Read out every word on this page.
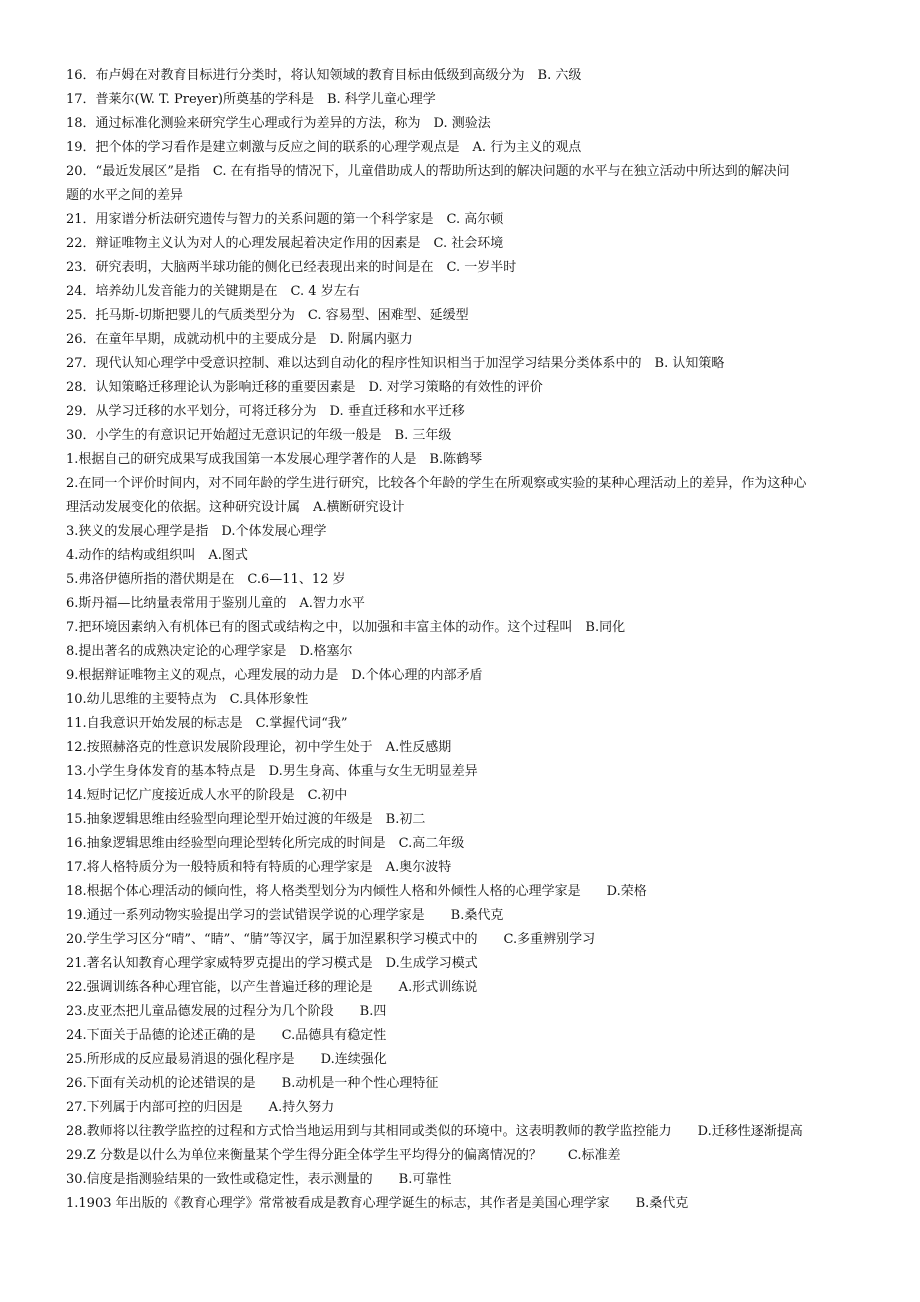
16．布卢姆在对教育目标进行分类时，将认知领域的教育目标由低级到高级分为　B. 六级
17．普莱尔(W. T. Preyer)所奠基的学科是　B. 科学儿童心理学
18．通过标准化测验来研究学生心理或行为差异的方法，称为　D. 测验法
19．把个体的学习看作是建立刺激与反应之间的联系的心理学观点是　A. 行为主义的观点
20．“最近发展区”是指　C. 在有指导的情况下，儿童借助成人的帮助所达到的解决问题的水平与在独立活动中所达到的解决问
题的水平之间的差异
21．用家谱分析法研究遗传与智力的关系问题的第一个科学家是　C. 高尔顿
22．辩证唯物主义认为对人的心理发展起着决定作用的因素是　C. 社会环境
23．研究表明，大脑两半球功能的侧化已经表现出来的时间是在　C. 一岁半时
24．培养幼儿发音能力的关键期是在　C. 4 岁左右
25．托马斯-切斯把婴儿的气质类型分为　C. 容易型、困难型、延缓型
26．在童年早期，成就动机中的主要成分是　D. 附属内驱力
27．现代认知心理学中受意识控制、难以达到自动化的程序性知识相当于加涅学习结果分类体系中的　B. 认知策略
28．认知策略迁移理论认为影响迁移的重要因素是　D. 对学习策略的有效性的评价
29．从学习迁移的水平划分，可将迁移分为　D. 垂直迁移和水平迁移
30．小学生的有意识记开始超过无意识记的年级一般是　B. 三年级
1.根据自己的研究成果写成我国第一本发展心理学著作的人是　B.陈鹤琴
2.在同一个评价时间内，对不同年龄的学生进行研究，比较各个年龄的学生在所观察或实验的某种心理活动上的差异，作为这种心
理活动发展变化的依据。这种研究设计属　A.横断研究设计
3.狭义的发展心理学是指　D.个体发展心理学
4.动作的结构或组织叫　A.图式
5.弗洛伊德所指的潜伏期是在　C.6—11、12 岁
6.斯丹福—比纳量表常用于鉴别儿童的　A.智力水平
7.把环境因素纳入有机体已有的图式或结构之中，以加强和丰富主体的动作。这个过程叫　B.同化
8.提出著名的成熟决定论的心理学家是　D.格塞尔
9.根据辩证唯物主义的观点，心理发展的动力是　D.个体心理的内部矛盾
10.幼儿思维的主要特点为　C.具体形象性
11.自我意识开始发展的标志是　C.掌握代词“我”
12.按照赫洛克的性意识发展阶段理论，初中学生处于　A.性反感期
13.小学生身体发育的基本特点是　D.男生身高、体重与女生无明显差异
14.短时记忆广度接近成人水平的阶段是　C.初中
15.抽象逻辑思维由经验型向理论型开始过渡的年级是　B.初二
16.抽象逻辑思维由经验型向理论型转化所完成的时间是　C.高二年级
17.将人格特质分为一般特质和特有特质的心理学家是　A.奥尔波特
18.根据个体心理活动的倾向性，将人格类型划分为内倾性人格和外倾性人格的心理学家是　　D.荣格
19.通过一系列动物实验提出学习的尝试错误学说的心理学家是　　B.桑代克
20.学生学习区分“晴”、“睛”、“腈”等汉字，属于加涅累积学习模式中的　　C.多重辨别学习
21.著名认知教育心理学家威特罗克提出的学习模式是　D.生成学习模式
22.强调训练各种心理官能，以产生普遍迁移的理论是　　A.形式训练说
23.皮亚杰把儿童品德发展的过程分为几个阶段　　B.四
24.下面关于品德的论述正确的是　　C.品德具有稳定性
25.所形成的反应最易消退的强化程序是　　D.连续强化
26.下面有关动机的论述错误的是　　B.动机是一种个性心理特征
27.下列属于内部可控的归因是　　A.持久努力
28.教师将以往教学监控的过程和方式恰当地运用到与其相同或类似的环境中。这表明教师的教学监控能力　　D.迁移性逐渐提高
29.Z 分数是以什么为单位来衡量某个学生得分距全体学生平均得分的偏离情况的？　　C.标准差
30.信度是指测验结果的一致性或稳定性，表示测量的　　B.可靠性
1.1903 年出版的《教育心理学》常常被看成是教育心理学诞生的标志，其作者是美国心理学家　　B.桑代克
